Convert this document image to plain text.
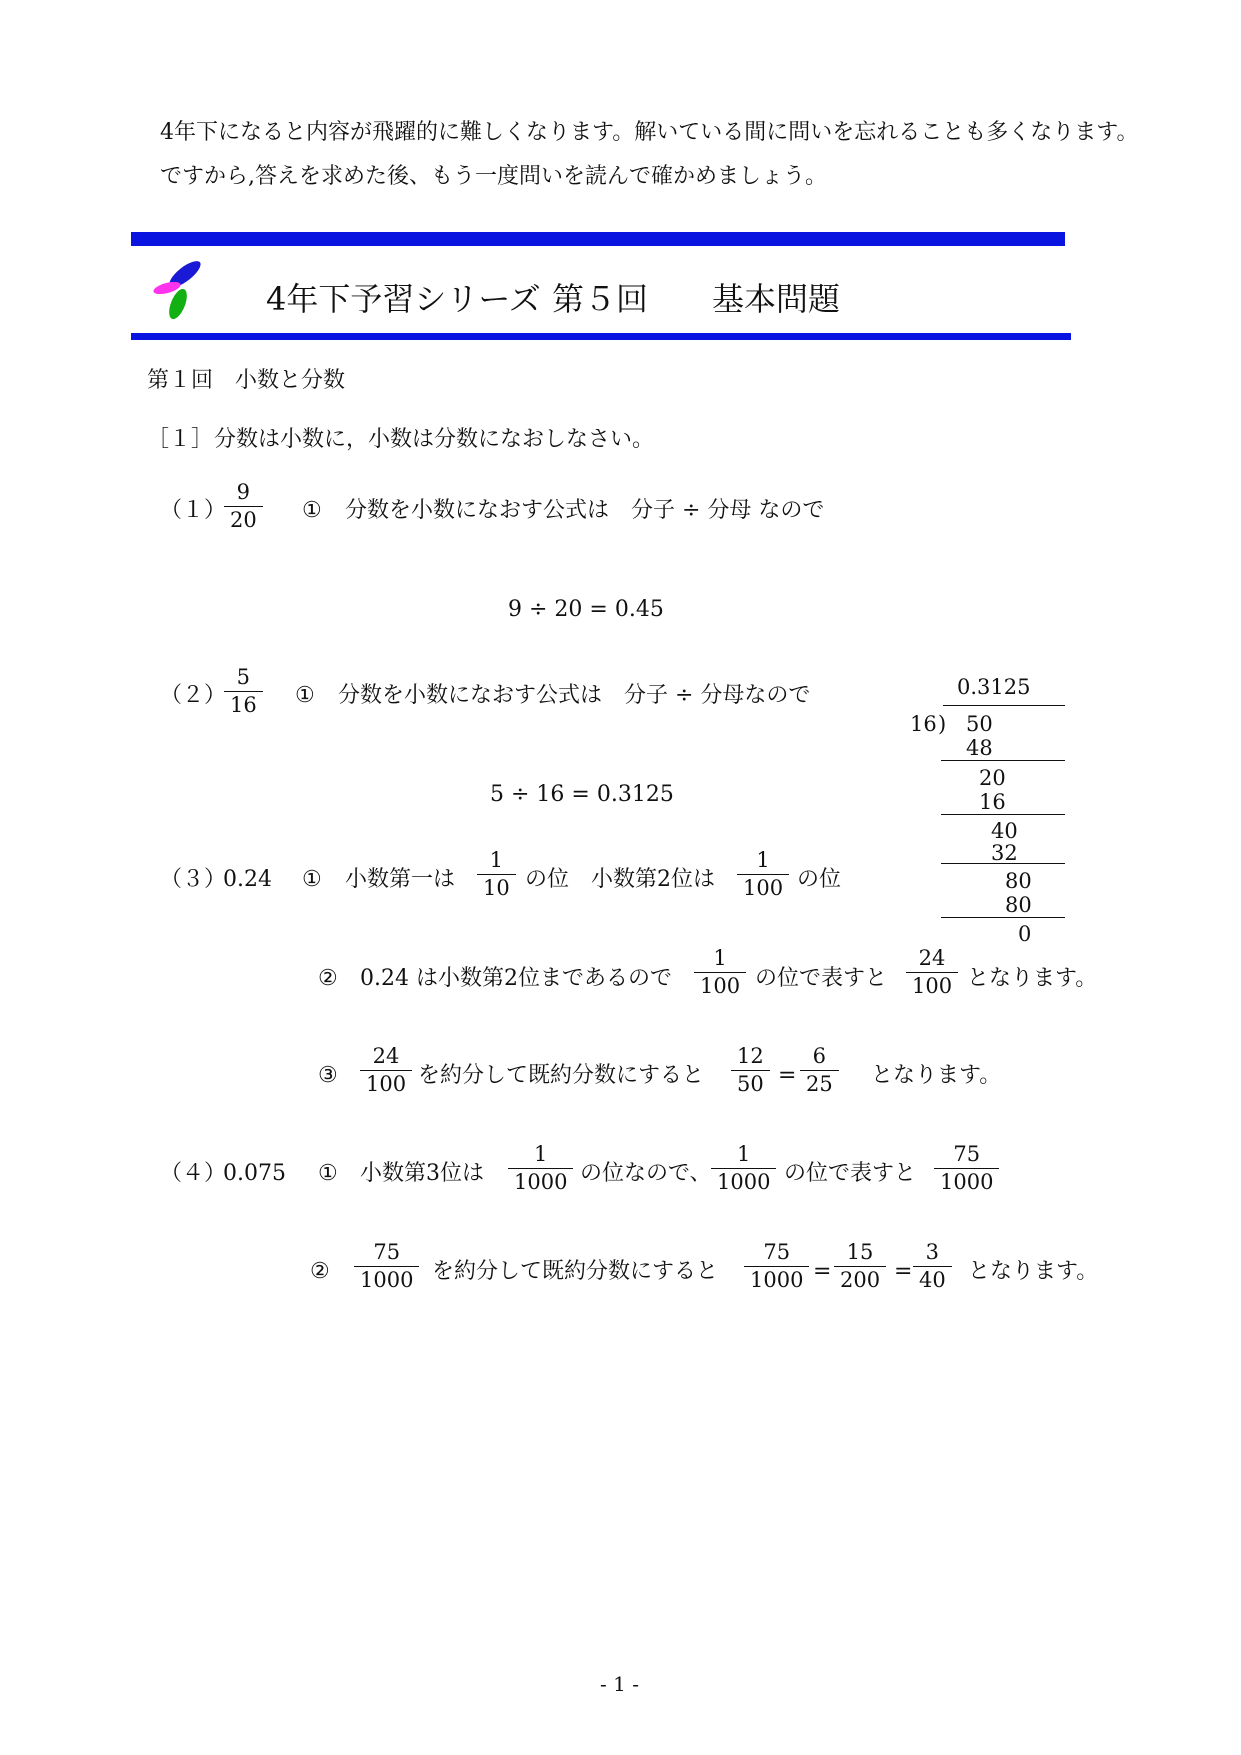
4年下になると内容が飛躍的に難しくなります。解いている間に問いを忘れることも多くなります。
ですから,答えを求めた後、もう一度問いを読んで確かめましょう。
4年下予習シリーズ 第５回 基本問題
第１回　小数と分数
［１］ 分数は小数に，小数は分数になおしなさい。
（１）
9
20 ① 分数を小数になおす公式は　分子 ÷ 分母 なので
9 ÷ 20 = 0.45
（２）
5
16 ① 分数を小数になおす公式は　分子 ÷ 分母なので
5 ÷ 16 = 0.3125
0.3125
16 ) 50
48
20
16
40
32
80
80
0
（３）
0.24 ① 小数第一は
1
10 の位　小数第2位は
1
100 の位
② 0.24 は小数第2位まであるので
1
100 の位で表すと
24
100 となります。
③
24
100 を約分して既約分数にすると
12
50 =
6
25 となります。
（４）
0.075 ① 小数第3位は
1
1000 の位なので、
1
1000 の位で表すと
75
1000
②
75
1000 を約分して既約分数にすると
75
1000 =
15
200 =
3
40 となります。
- 1 -
